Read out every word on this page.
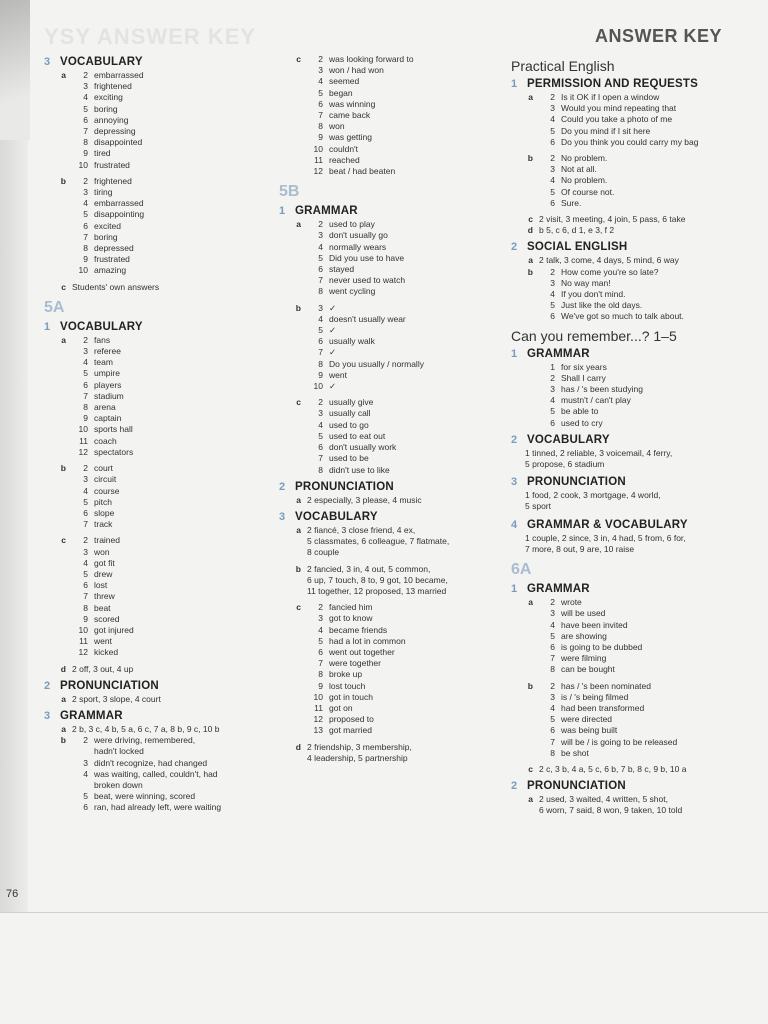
76
YSY ANSWER KEY	ANSWER KEY
3 VOCABULARY
a	2 embarrassed
3 frightened
4 exciting
5 boring
6 annoying
7 depressing
8 disappointed
9 tired
10 frustrated
b	2 frightened
3 tiring
4 embarrassed
5 disappointing
6 excited
7 boring
8 depressed
9 frustrated
10 amazing
c Students' own answers
5A
1 VOCABULARY
a	2 fans
3 referee
4 team
5 umpire
6 players
7 stadium
8 arena
9 captain
10 sports hall
11 coach
12 spectators
b	2 court
3 circuit
4 course
5 pitch
6 slope
7 track
c	2 trained
3 won
4 got fit
5 drew
6 lost
7 threw
8 beat
9 scored
10 got injured
11 went
12 kicked
d 2 off, 3 out, 4 up
2 PRONUNCIATION
a 2 sport, 3 slope, 4 court
3 GRAMMAR
a 2 b, 3 c, 4 b, 5 a, 6 c, 7 a, 8 b, 9 c, 10 b
b	2 were driving, remembered,
hadn't locked
3 didn't recognize, had changed
4 was waiting, called, couldn't, had
broken down
5 beat, were winning, scored
6 ran, had already left, were waiting
c	2 was looking forward to
3 won / had won
4 seemed
5 began
6 was winning
7 came back
8 won
9 was getting
10 couldn't
11 reached
12 beat / had beaten
5B
1 GRAMMAR
a	2 used to play
3 don't usually go
4 normally wears
5 Did you use to have
6 stayed
7 never used to watch
8 went cycling
b	3 ✓
4 doesn't usually wear
5 ✓
6 usually walk
7 ✓
8 Do you usually / normally
9 went
10 ✓
c	2 usually give
3 usually call
4 used to go
5 used to eat out
6 don't usually work
7 used to be
8 didn't use to like
2 PRONUNCIATION
a 2 especially, 3 please, 4 music
3 VOCABULARY
a 2 fiancé, 3 close friend, 4 ex,
5 classmates, 6 colleague, 7 flatmate,
8 couple
b 2 fancied, 3 in, 4 out, 5 common,
6 up, 7 touch, 8 to, 9 got, 10 became,
11 together, 12 proposed, 13 married
c	2 fancied him
3 got to know
4 became friends
5 had a lot in common
6 went out together
7 were together
8 broke up
9 lost touch
10 got in touch
11 got on
12 proposed to
13 got married
d 2 friendship, 3 membership,
4 leadership, 5 partnership
Practical English
1 PERMISSION AND REQUESTS
a	2 Is it OK if I open a window
3 Would you mind repeating that
4 Could you take a photo of me
5 Do you mind if I sit here
6 Do you think you could carry my bag
b	2 No problem.
3 Not at all.
4 No problem.
5 Of course not.
6 Sure.
c 2 visit, 3 meeting, 4 join, 5 pass, 6 take
d b 5, c 6, d 1, e 3, f 2
2 SOCIAL ENGLISH
a 2 talk, 3 come, 4 days, 5 mind, 6 way
b	2 How come you're so late?
3 No way man!
4 If you don't mind.
5 Just like the old days.
6 We've got so much to talk about.
Can you remember...? 1–5
1 GRAMMAR
1 for six years
2 Shall I carry
3 has / 's been studying
4 mustn't / can't play
5 be able to
6 used to cry
2 VOCABULARY
1 tinned, 2 reliable, 3 voicemail, 4 ferry,
5 propose, 6 stadium
3 PRONUNCIATION
1 food, 2 cook, 3 mortgage, 4 world,
5 sport
4 GRAMMAR & VOCABULARY
1 couple, 2 since, 3 in, 4 had, 5 from, 6 for,
7 more, 8 out, 9 are, 10 raise
6A
1 GRAMMAR
a	2 wrote
3 will be used
4 have been invited
5 are showing
6 is going to be dubbed
7 were filming
8 can be bought
b	2 has / 's been nominated
3 is / 's being filmed
4 had been transformed
5 were directed
6 was being built
7 will be / is going to be released
8 be shot
c 2 c, 3 b, 4 a, 5 c, 6 b, 7 b, 8 c, 9 b, 10 a
2 PRONUNCIATION
a 2 used, 3 waited, 4 written, 5 shot,
6 worn, 7 said, 8 won, 9 taken, 10 told
